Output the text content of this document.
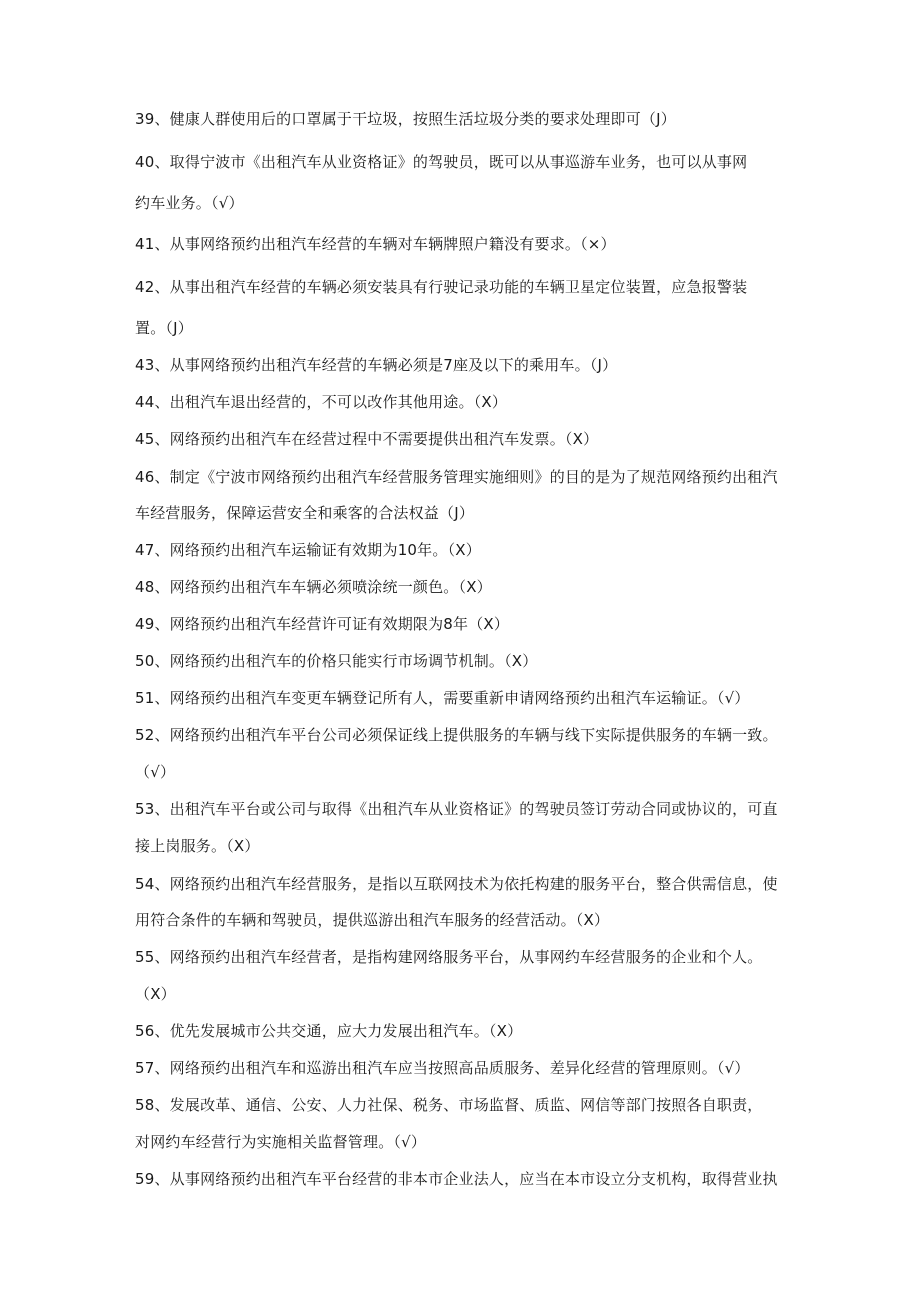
39、健康人群使用后的口罩属于干垃圾，按照生活垃圾分类的要求处理即可（J）
40、取得宁波市《出租汽车从业资格证》的驾驶员，既可以从事巡游车业务，也可以从事网
约车业务。（√）
41、从事网络预约出租汽车经营的车辆对车辆牌照户籍没有要求。（×）
42、从事出租汽车经营的车辆必须安装具有行驶记录功能的车辆卫星定位装置，应急报警装
置。（J）
43、从事网络预约出租汽车经营的车辆必须是7座及以下的乘用车。（J）
44、出租汽车退出经营的，不可以改作其他用途。（X）
45、网络预约出租汽车在经营过程中不需要提供出租汽车发票。（X）
46、制定《宁波市网络预约出租汽车经营服务管理实施细则》的目的是为了规范网络预约出租汽
车经营服务，保障运营安全和乘客的合法权益（J）
47、网络预约出租汽车运输证有效期为10年。（X）
48、网络预约出租汽车车辆必须喷涂统一颜色。（X）
49、网络预约出租汽车经营许可证有效期限为8年（X）
50、网络预约出租汽车的价格只能实行市场调节机制。（X）
51、网络预约出租汽车变更车辆登记所有人，需要重新申请网络预约出租汽车运输证。（√）
52、网络预约出租汽车平台公司必须保证线上提供服务的车辆与线下实际提供服务的车辆一致。
（√）
53、出租汽车平台或公司与取得《出租汽车从业资格证》的驾驶员签订劳动合同或协议的，可直
接上岗服务。（X）
54、网络预约出租汽车经营服务，是指以互联网技术为依托构建的服务平台，整合供需信息，使
用符合条件的车辆和驾驶员，提供巡游出租汽车服务的经营活动。（X）
55、网络预约出租汽车经营者，是指构建网络服务平台，从事网约车经营服务的企业和个人。
（X）
56、优先发展城市公共交通，应大力发展出租汽车。（X）
57、网络预约出租汽车和巡游出租汽车应当按照高品质服务、差异化经营的管理原则。（√）
58、发展改革、通信、公安、人力社保、税务、市场监督、质监、网信等部门按照各自职责，
对网约车经营行为实施相关监督管理。（√）
59、从事网络预约出租汽车平台经营的非本市企业法人，应当在本市设立分支机构，取得营业执
